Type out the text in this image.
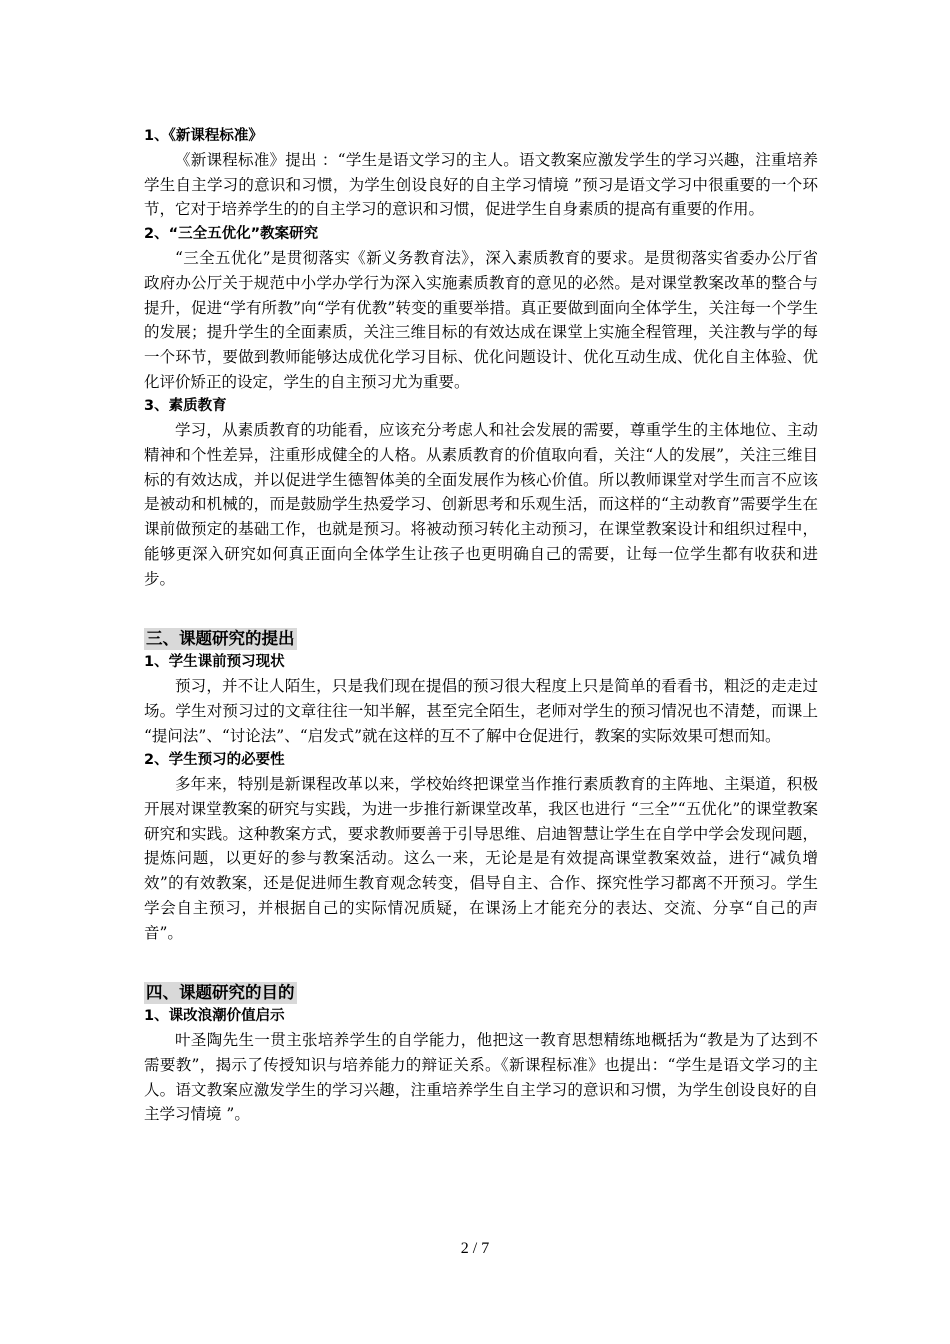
1、《新课程标准》

《新课程标准》提出 ：“学生是语文学习的主人。语文教案应激发学生的学习兴趣，注重培养学生自主学习的意识和习惯，为学生创设良好的自主学习情境 ”预习是语文学习中很重要的一个环节，它对于培养学生的的自主学习的意识和习惯，促进学生自身素质的提高有重要的作用。

2、“三全五优化”教案研究

“三全五优化”是贯彻落实《新义务教育法》，深入素质教育的要求。是贯彻落实省委办公厅省政府办公厅关于规范中小学办学行为深入实施素质教育的意见的必然。是对课堂教案改革的整合与提升，促进“学有所教”向“学有优教”转变的重要举措。真正要做到面向全体学生，关注每一个学生的发展；提升学生的全面素质，关注三维目标的有效达成在课堂上实施全程管理，关注教与学的每一个环节，要做到教师能够达成优化学习目标、优化问题设计、优化互动生成、优化自主体验、优化评价矫正的设定，学生的自主预习尤为重要。

3、素质教育

学习，从素质教育的功能看，应该充分考虑人和社会发展的需要，尊重学生的主体地位、主动精神和个性差异，注重形成健全的人格。从素质教育的价值取向看，关注“人的发展”，关注三维目标的有效达成，并以促进学生德智体美的全面发展作为核心价值。所以教师课堂对学生而言不应该是被动和机械的，而是鼓励学生热爱学习、创新思考和乐观生活，而这样的“主动教育”需要学生在课前做预定的基础工作，也就是预习。将被动预习转化主动预习，在课堂教案设计和组织过程中，能够更深入研究如何真正面向全体学生让孩子也更明确自己的需要，让每一位学生都有收获和进步。

三、课题研究的提出
1、学生课前预习现状

预习，并不让人陌生，只是我们现在提倡的预习很大程度上只是简单的看看书，粗泛的走走过场。学生对预习过的文章往往一知半解，甚至完全陌生，老师对学生的预习情况也不清楚，而课上 “提问法”、“讨论法”、“启发式”就在这样的互不了解中仓促进行，教案的实际效果可想而知。

2、学生预习的必要性

多年来，特别是新课程改革以来，学校始终把课堂当作推行素质教育的主阵地、主渠道，积极开展对课堂教案的研究与实践，为进一步推行新课堂改革，我区也进行 “三全”“五优化”的课堂教案研究和实践。这种教案方式，要求教师要善于引导思维、启迪智慧让学生在自学中学会发现问题，提炼问题，以更好的参与教案活动。这么一来，无论是是有效提高课堂教案效益，进行“减负增效”的有效教案，还是促进师生教育观念转变，倡导自主、合作、探究性学习都离不开预习。学生学会自主预习，并根据自己的实际情况质疑，在课汤上才能充分的表达、交流、分享“自己的声音”。

四、课题研究的目的
1、课改浪潮价值启示

叶圣陶先生一贯主张培养学生的自学能力，他把这一教育思想精练地概括为“教是为了达到不需要教”，揭示了传授知识与培养能力的辩证关系。《新课程标准》也提出：“学生是语文学习的主人。语文教案应激发学生的学习兴趣，注重培养学生自主学习的意识和习惯，为学生创设良好的自主学习情境 ”。

2 / 7
